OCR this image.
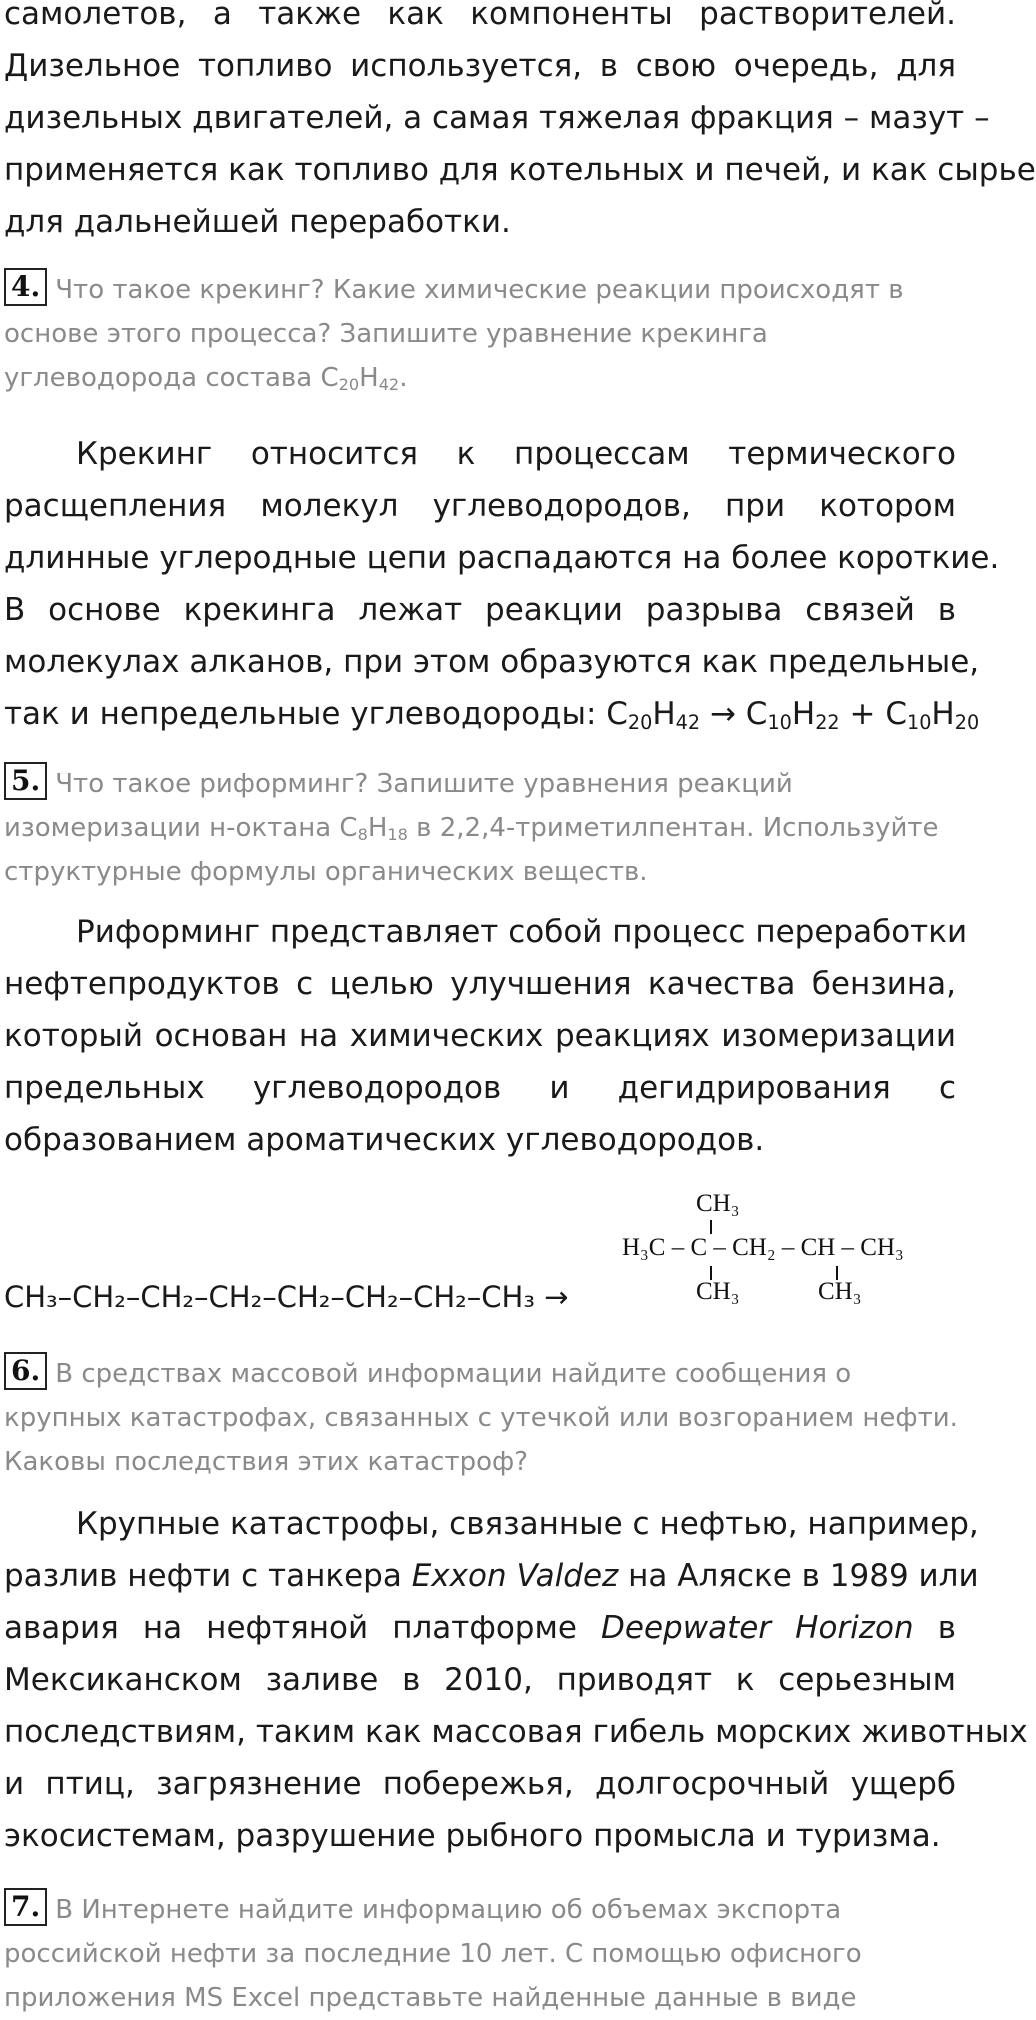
самолетов, а также как компоненты растворителей.
Дизельное топливо используется, в свою очередь, для
дизельных двигателей, а самая тяжелая фракция – мазут –
применяется как топливо для котельных и печей, и как сырье
для дальнейшей переработки.

4. Что такое крекинг? Какие химические реакции происходят в
основе этого процесса? Запишите уравнение крекинга
углеводорода состава $C_{20}H_{42}$.

Крекинг относится к процессам термического
расщепления молекул углеводородов, при котором
длинные углеродные цепи распадаются на более короткие.
В основе крекинга лежат реакции разрыва связей в
молекулах алканов, при этом образуются как предельные,
так и непредельные углеводороды: $C_{20}H_{42} \to C_{10}H_{22} + C_{10}H_{20}$

5. Что такое риформинг? Запишите уравнения реакций
изомеризации н-октана $C_8H_{18}$ в 2,2,4-триметилпентан. Используйте
структурные формулы органических веществ.

Риформинг представляет собой процесс переработки
нефтепродуктов с целью улучшения качества бензина,
который основан на химических реакциях изомеризации
предельных углеводородов и дегидрирования с
образованием ароматических углеводородов.

CH₃–CH₂–CH₂–CH₂–CH₂–CH₂–CH₂–CH₃ →
CH₃
H₃C – C – CH₂ – CH – CH₃
CH₃	CH₃
6. В средствах массовой информации найдите сообщения о
крупных катастрофах, связанных с утечкой или возгоранием нефти.
Каковы последствия этих катастроф?

Крупные катастрофы, связанные с нефтью, например,
разлив нефти с танкера Exxon Valdez на Аляске в 1989 или
авария на нефтяной платформе Deepwater Horizon в
Мексиканском заливе в 2010, приводят к серьезным
последствиям, таким как массовая гибель морских животных
и птиц, загрязнение побережья, долгосрочный ущерб
экосистемам, разрушение рыбного промысла и туризма.

7. В Интернете найдите информацию об объемах экспорта
российской нефти за последние 10 лет. С помощью офисного
приложения MS Excel представьте найденные данные в виде
